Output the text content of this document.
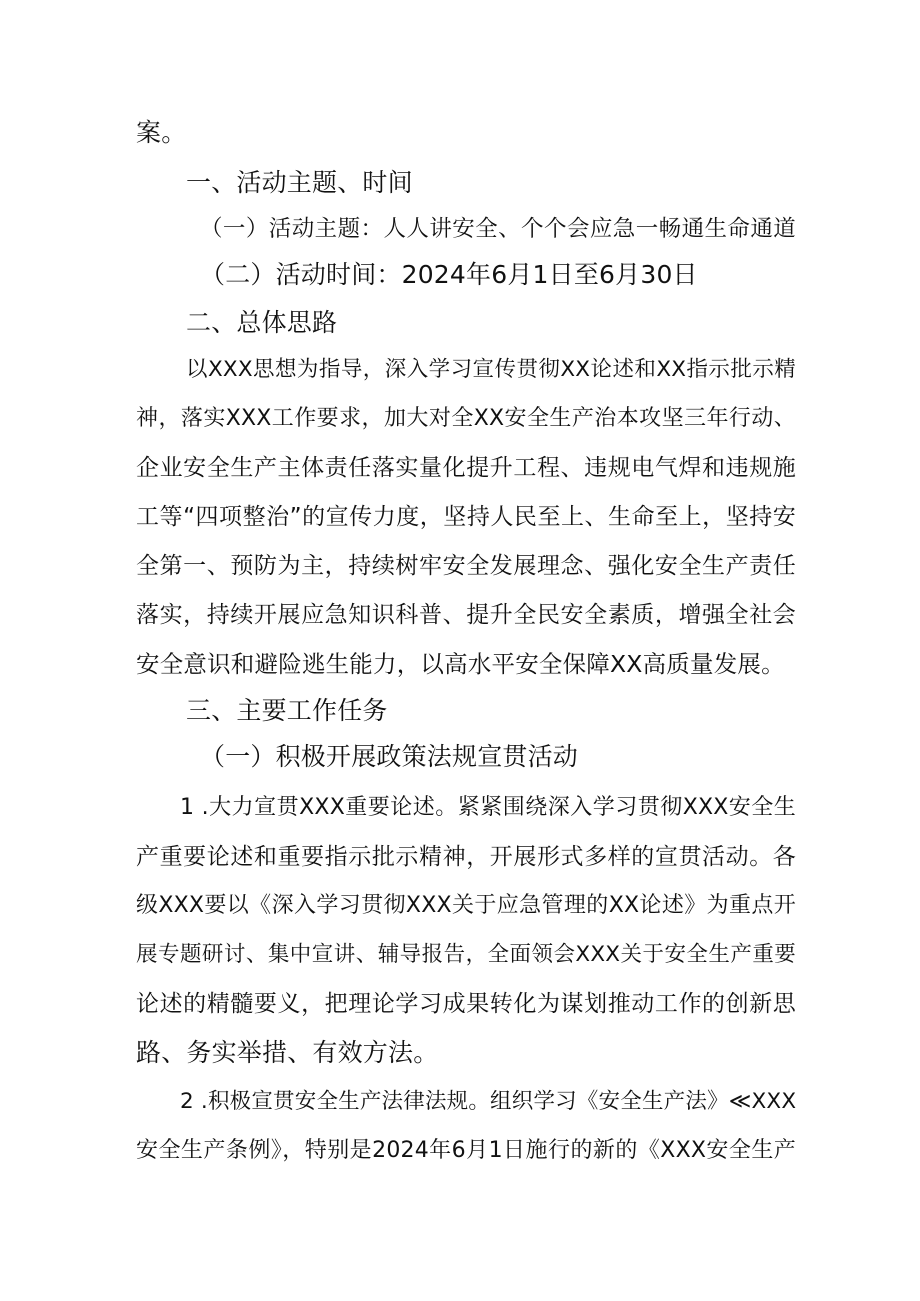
案。
一、活动主题、时间
（一）活动主题：人人讲安全、个个会应急一畅通生命通道
（二）活动时间：2024年6月1日至6月30日
二、总体思路
以XXX思想为指导，深入学习宣传贯彻XX论述和XX指示批示精
神，落实XXX工作要求，加大对全XX安全生产治本攻坚三年行动、
企业安全生产主体责任落实量化提升工程、违规电气焊和违规施
工等“四项整治”的宣传力度，坚持人民至上、生命至上，坚持安
全第一、预防为主，持续树牢安全发展理念、强化安全生产责任
落实，持续开展应急知识科普、提升全民安全素质，增强全社会
安全意识和避险逃生能力，以高水平安全保障XX高质量发展。
三、主要工作任务
（一）积极开展政策法规宣贯活动
1 .大力宣贯XXX重要论述。紧紧围绕深入学习贯彻XXX安全生
产重要论述和重要指示批示精神，开展形式多样的宣贯活动。各
级XXX要以《深入学习贯彻XXX关于应急管理的XX论述》为重点开
展专题研讨、集中宣讲、辅导报告，全面领会XXX关于安全生产重要
论述的精髓要义，把理论学习成果转化为谋划推动工作的创新思
路、务实举措、有效方法。
2 .积极宣贯安全生产法律法规。组织学习《安全生产法》≪XXX
安全生产条例》，特别是2024年6月1日施行的新的《XXX安全生产
